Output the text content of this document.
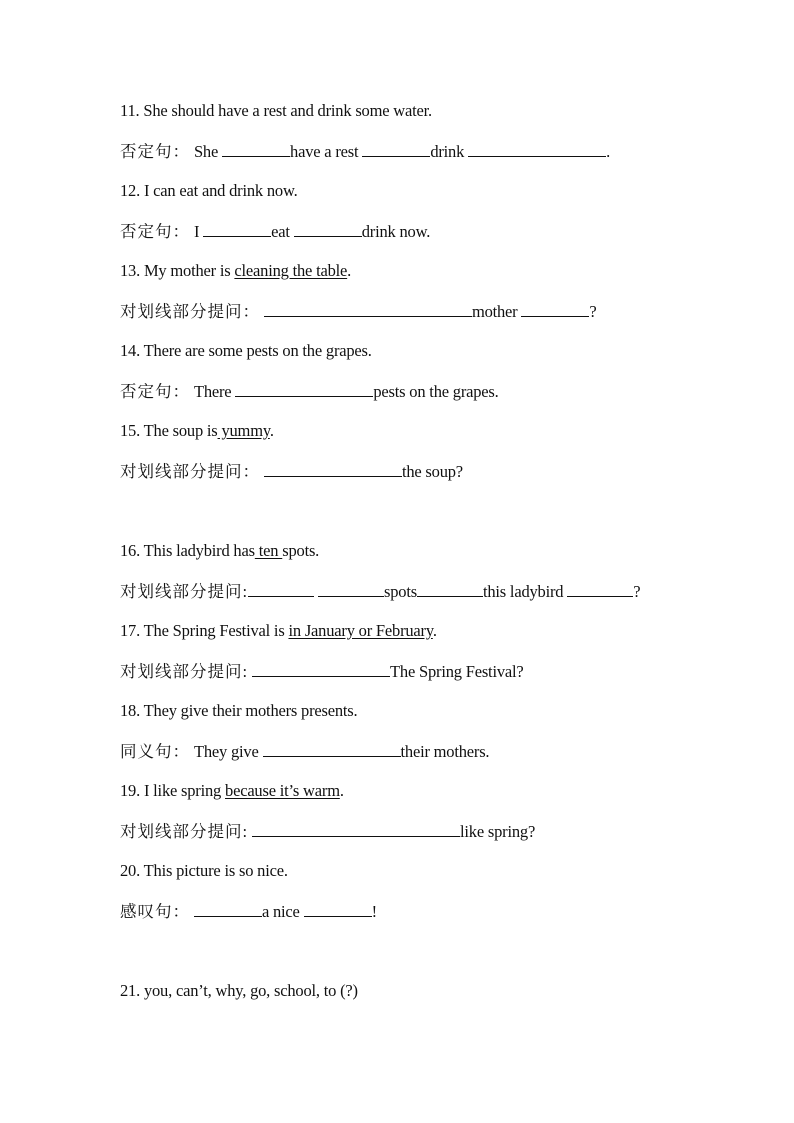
11. She should have a rest and drink some water.
否定句： She	have a rest	drink	.
12. I can eat and drink now.
否定句： I	eat	drink now.
13. My mother is cleaning the table.
对划线部分提问：	mother	?
14. There are some pests on the grapes.
否定句： There	pests on the grapes.
15. The soup is yummy.
对划线部分提问：	the soup?
16. This ladybird has ten spots.
对划线部分提问:	spots	this ladybird	?
17. The Spring Festival is in January or February.
对划线部分提问:	The Spring Festival?
18. They give their mothers presents.
同义句： They give	their mothers.
19. I like spring because it’s warm.
对划线部分提问:	like spring?
20. This picture is so nice.
感叹句：	a nice	!
21. you, can’t, why, go, school, to (?)
